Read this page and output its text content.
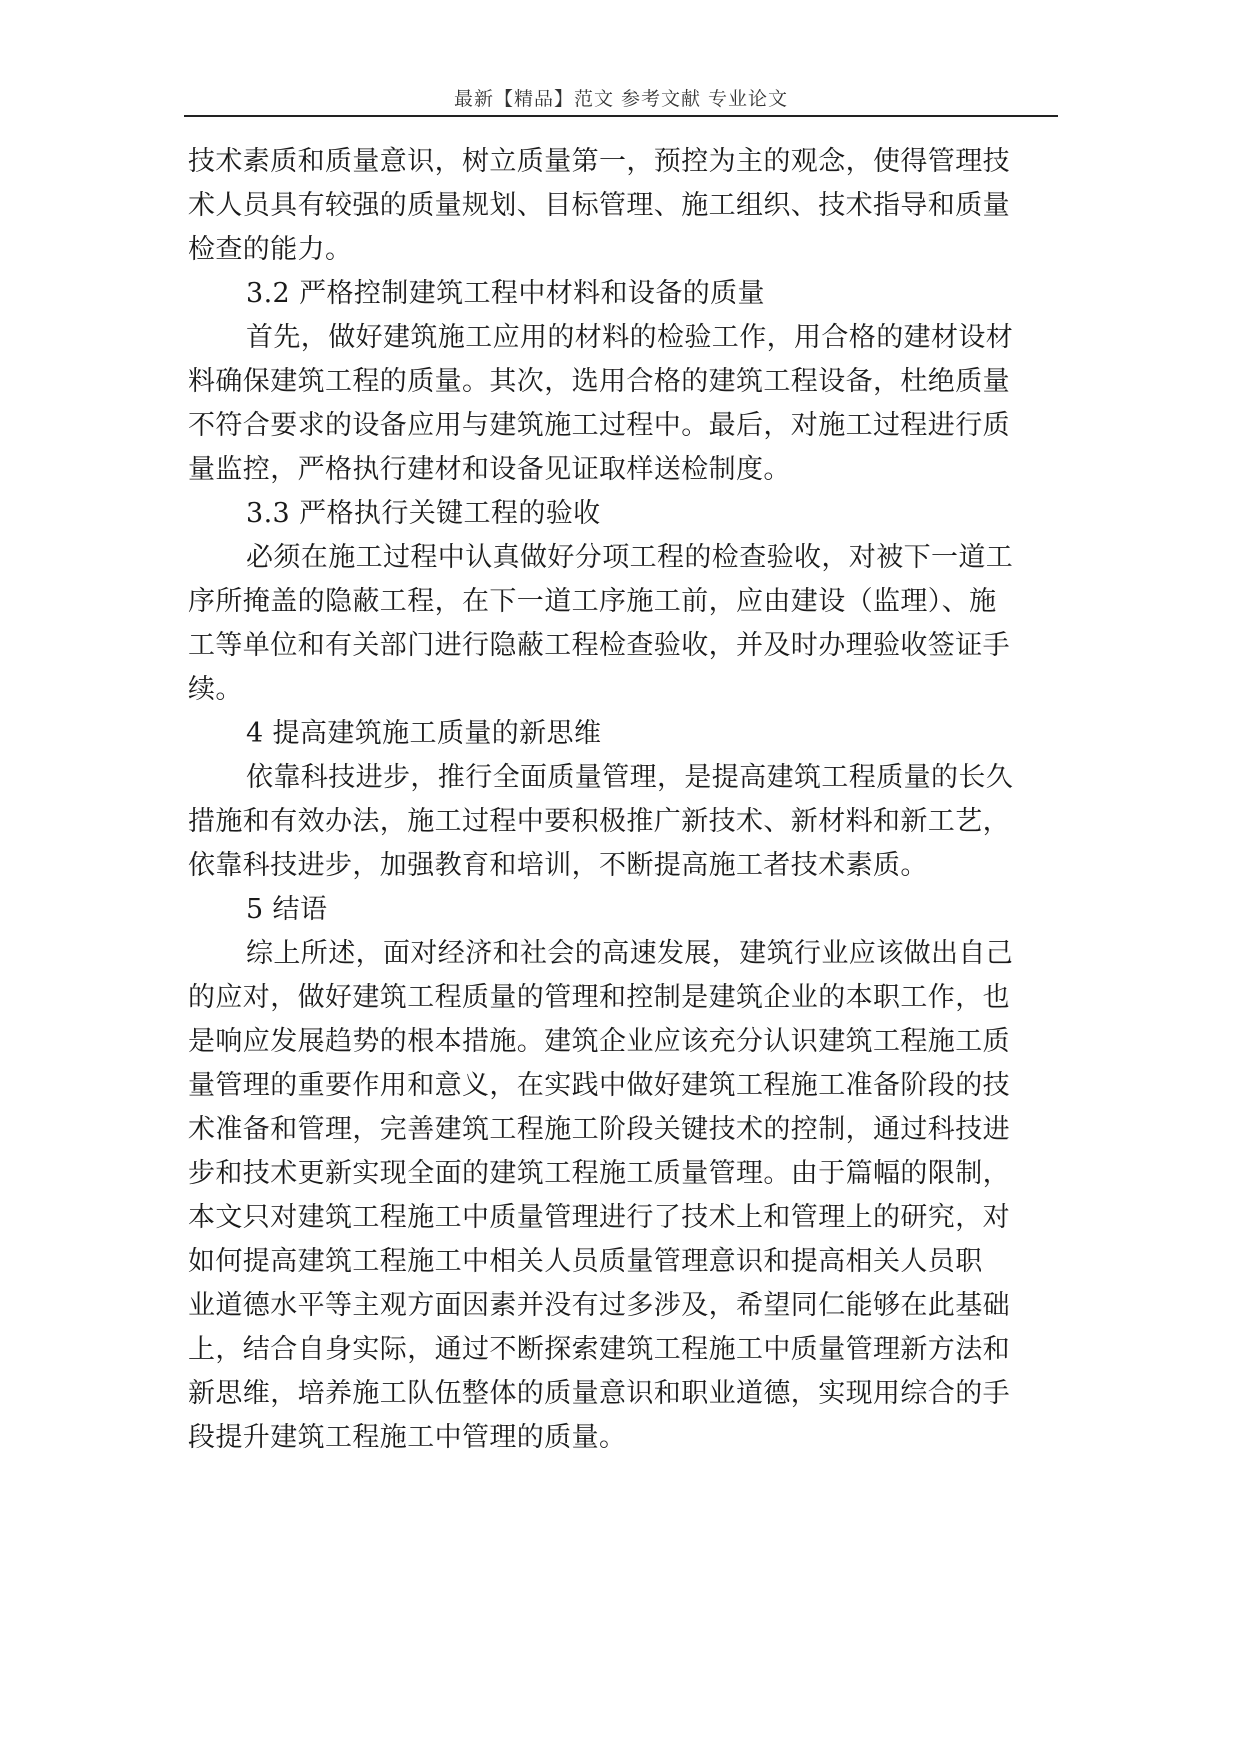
最新【精品】范文 参考文献 专业论文
技术素质和质量意识，树立质量第一，预控为主的观念，使得管理技
术人员具有较强的质量规划、目标管理、施工组织、技术指导和质量
检查的能力。
3.2 严格控制建筑工程中材料和设备的质量
首先，做好建筑施工应用的材料的检验工作，用合格的建材设材
料确保建筑工程的质量。其次，选用合格的建筑工程设备，杜绝质量
不符合要求的设备应用与建筑施工过程中。最后，对施工过程进行质
量监控，严格执行建材和设备见证取样送检制度。
3.3 严格执行关键工程的验收
必须在施工过程中认真做好分项工程的检查验收，对被下一道工
序所掩盖的隐蔽工程，在下一道工序施工前，应由建设（监理）、施
工等单位和有关部门进行隐蔽工程检查验收，并及时办理验收签证手
续。
4 提高建筑施工质量的新思维
依靠科技进步，推行全面质量管理，是提高建筑工程质量的长久
措施和有效办法，施工过程中要积极推广新技术、新材料和新工艺，
依靠科技进步，加强教育和培训，不断提高施工者技术素质。
5 结语
综上所述，面对经济和社会的高速发展，建筑行业应该做出自己
的应对，做好建筑工程质量的管理和控制是建筑企业的本职工作，也
是响应发展趋势的根本措施。建筑企业应该充分认识建筑工程施工质
量管理的重要作用和意义，在实践中做好建筑工程施工准备阶段的技
术准备和管理，完善建筑工程施工阶段关键技术的控制，通过科技进
步和技术更新实现全面的建筑工程施工质量管理。由于篇幅的限制，
本文只对建筑工程施工中质量管理进行了技术上和管理上的研究，对
如何提高建筑工程施工中相关人员质量管理意识和提高相关人员职
业道德水平等主观方面因素并没有过多涉及，希望同仁能够在此基础
上，结合自身实际，通过不断探索建筑工程施工中质量管理新方法和
新思维，培养施工队伍整体的质量意识和职业道德，实现用综合的手
段提升建筑工程施工中管理的质量。
